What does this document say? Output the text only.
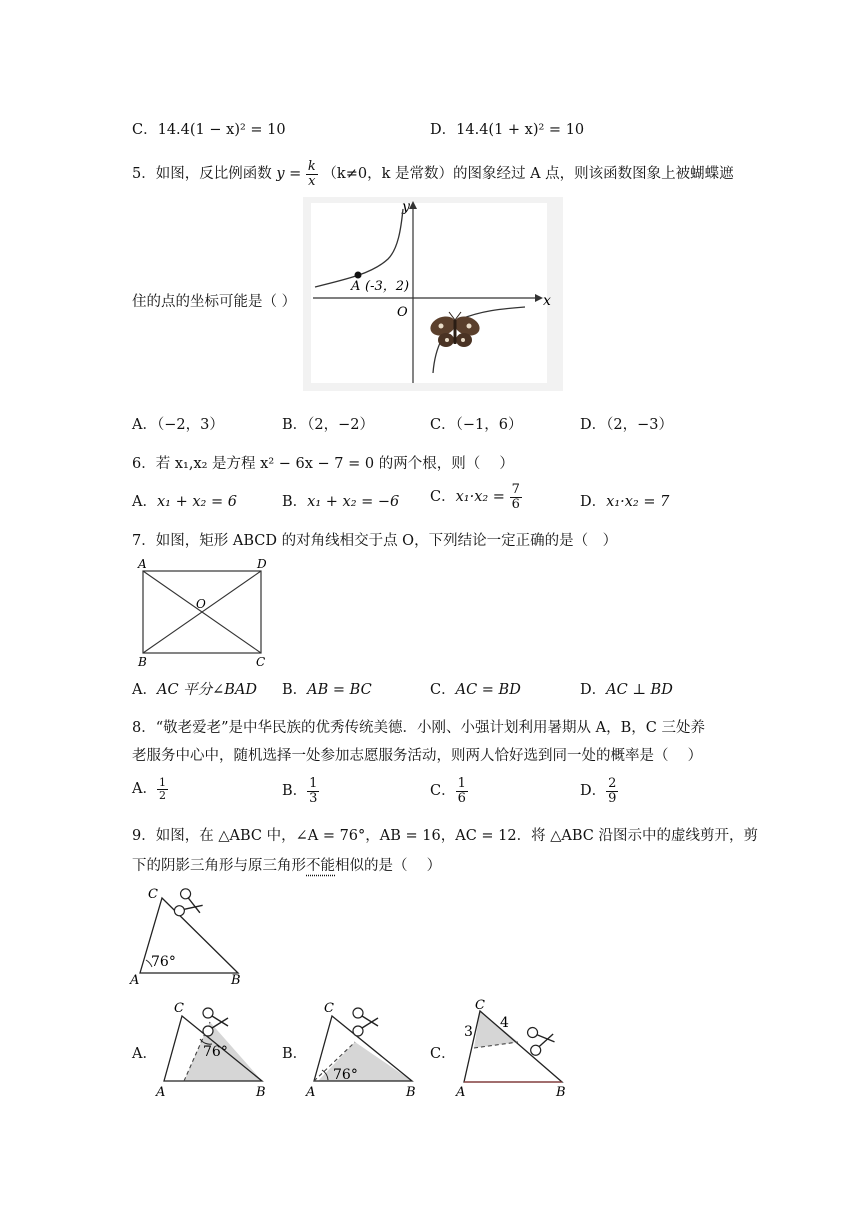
C．14.4(1 − x)² = 10	D．14.4(1 + x)² = 10
5．如图，反比例函数 $y = \frac{k}{x} (k\ne 0$，k 是常数）的图象经过 A 点，则该函数图象上被蝴蝶遮
住的点的坐标可能是（ ）	x
y
O
A (-3，2)
A．（−2，3）	B．（2，−2）	C．（−1，6）	D．（2，−3）
6．若 x₁,x₂ 是方程 x² − 6x − 7 = 0 的两个根，则（　 ）
A．x₁ + x₂ = 6	B．x₁ + x₂ = −6 C．$x_1\cdot x_2 = \frac{7}{6}$	D．x₁·x₂ = 7
7．如图，矩形 ABCD 的对角线相交于点 O，下列结论一定正确的是（　）
A	D
B	C
O
A．AC 平分∠BAD B．AB = BC	C．AC = BD	D．AC ⊥ BD
8．“敬老爱老”是中华民族的优秀传统美德．小刚、小强计划利用暑期从 A，B，C 三处养
老服务中心中，随机选择一处参加志愿服务活动，则两人恰好选到同一处的概率是（　 ）
A． $\frac{1}{2}$	B． $\frac{1}{3}$	C． $\frac{1}{6}$	D． $\frac{2}{9}$
9．如图，在 △ABC 中，∠A = 76°，AB = 16，AC = 12．将 △ABC 沿图示中的虚线剪开，剪
下的阴影三角形与原三角形不能相似的是（　 ）
76°
A	B
C
A．	76°
A	B
C
B．
76°
A	B
C
C．
3
4
A	B
C
